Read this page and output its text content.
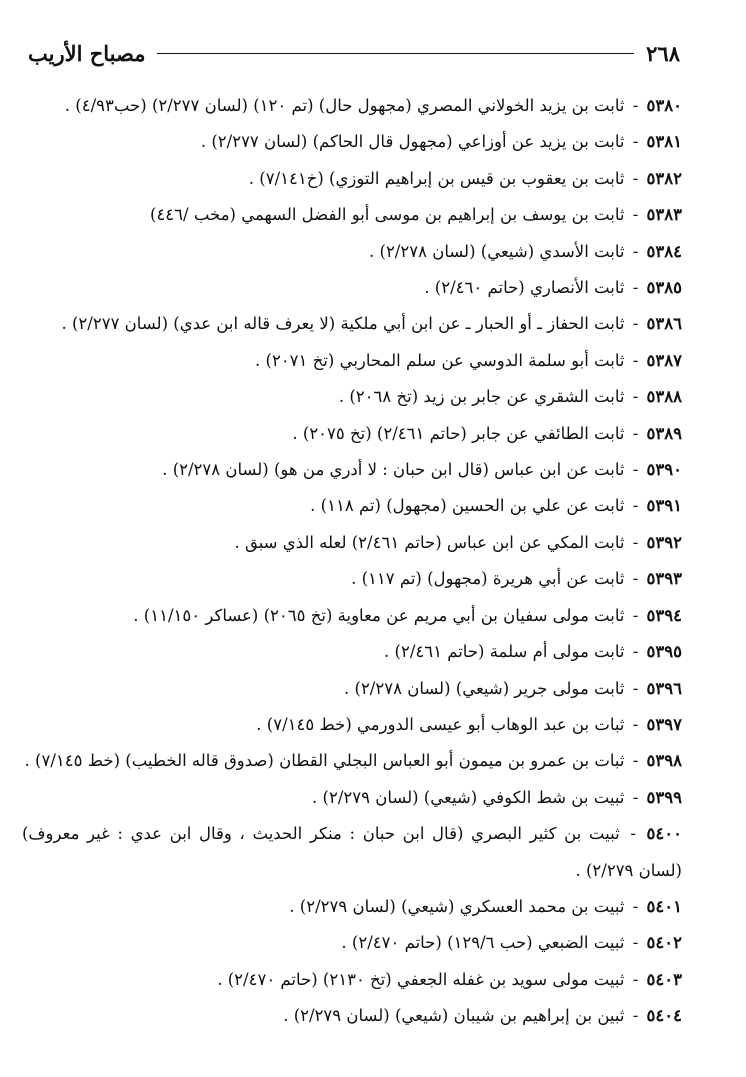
٢٦٨
مصباح الأريب
٥٣٨٠ - ثابت بن يزيد الخولاني المصري (مجهول حال) (تم ١٢٠) (لسان ٢/٢٧٧) (حب٤/٩٣) .
٥٣٨١ - ثابت بن يزيد عن أوزاعي (مجهول قال الحاكم) (لسان ٢/٢٧٧) .
٥٣٨٢ - ثابت بن يعقوب بن قيس بن إبراهيم التوزي) (خ٧/١٤١) .
٥٣٨٣ - ثابت بن يوسف بن إبراهيم بن موسى أبو الفضل السهمي (مخب /٤٤٦)
٥٣٨٤ - ثابت الأسدي (شيعي) (لسان ٢/٢٧٨) .
٥٣٨٥ - ثابت الأنصاري (حاتم ٢/٤٦٠) .
٥٣٨٦ - ثابت الحفاز ـ أو الحبار ـ عن ابن أبي ملكية (لا يعرف قاله ابن عدي) (لسان ٢/٢٧٧) .
٥٣٨٧ - ثابت أبو سلمة الدوسي عن سلم المحاربي (تخ ٢٠٧١) .
٥٣٨٨ - ثابت الشقري عن جابر بن زيد (تخ ٢٠٦٨) .
٥٣٨٩ - ثابت الطائفي عن جابر (حاتم ٢/٤٦١) (تخ ٢٠٧٥) .
٥٣٩٠ - ثابت عن ابن عباس (قال ابن حبان : لا أدري من هو) (لسان ٢/٢٧٨) .
٥٣٩١ - ثابت عن علي بن الحسين (مجهول) (تم ١١٨) .
٥٣٩٢ - ثابت المكي عن ابن عباس (حاتم ٢/٤٦١) لعله الذي سبق .
٥٣٩٣ - ثابت عن أبي هريرة (مجهول) (تم ١١٧) .
٥٣٩٤ - ثابت مولى سفيان بن أبي مريم عن معاوية (تخ ٢٠٦٥) (عساكر ١١/١٥٠) .
٥٣٩٥ - ثابت مولى أم سلمة (حاتم ٢/٤٦١) .
٥٣٩٦ - ثابت مولى جرير (شيعي) (لسان ٢/٢٧٨) .
٥٣٩٧ - ثبات بن عبد الوهاب أبو عيسى الدورمي (خط ٧/١٤٥) .
٥٣٩٨ - ثبات بن عمرو بن ميمون أبو العباس البجلي القطان (صدوق قاله الخطيب) (خط ٧/١٤٥) .
٥٣٩٩ - ثبيت بن شط الكوفي (شيعي) (لسان ٢/٢٧٩) .
٥٤٠٠ - ثبيت بن كثير البصري (قال ابن حبان : منكر الحديث ، وقال ابن عدي : غير معروف) (لسان ٢/٢٧٩) .
٥٤٠١ - ثبيت بن محمد العسكري (شيعي) (لسان ٢/٢٧٩) .
٥٤٠٢ - ثبيت الضبعي (حب ١٢٩/٦) (حاتم ٢/٤٧٠) .
٥٤٠٣ - ثبيت مولى سويد بن غفله الجعفي (تخ ٢١٣٠) (حاتم ٢/٤٧٠) .
٥٤٠٤ - ثبين بن إبراهيم بن شيبان (شيعي) (لسان ٢/٢٧٩) .
